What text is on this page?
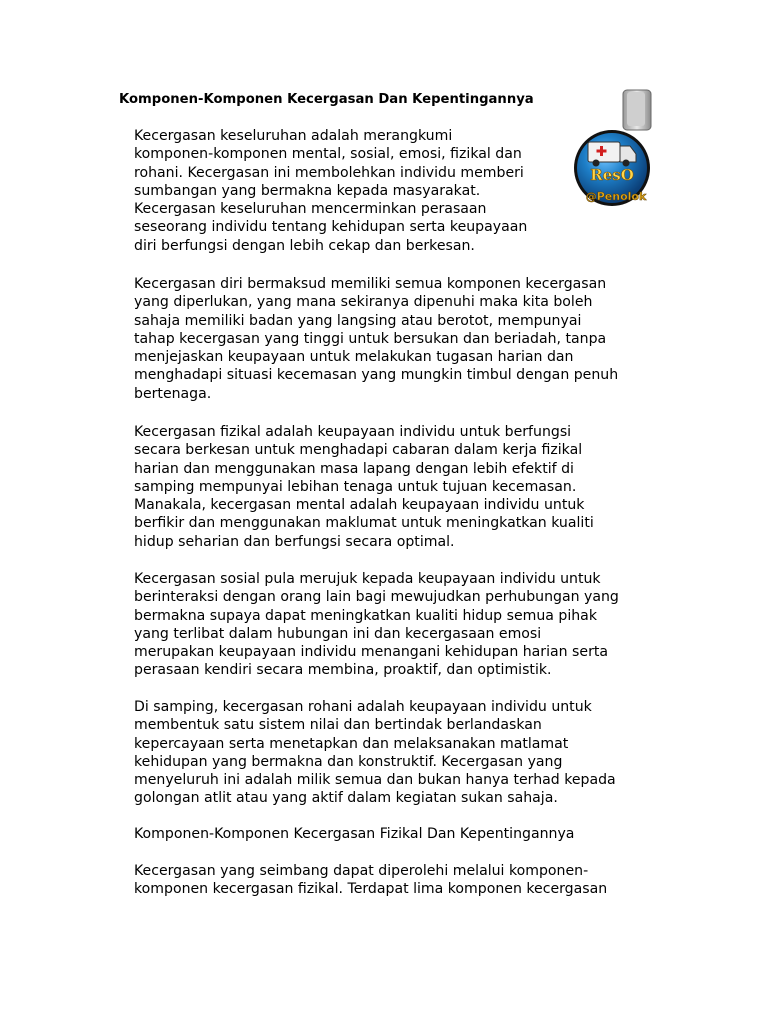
Komponen-Komponen Kecergasan Dan Kepentingannya
ResO
@Penolok

Kecergasan keseluruhan adalah merangkumi
komponen-komponen mental, sosial, emosi, fizikal dan
rohani. Kecergasan ini membolehkan individu memberi
sumbangan yang bermakna kepada masyarakat.
Kecergasan keseluruhan mencerminkan perasaan
seseorang individu tentang kehidupan serta keupayaan
diri berfungsi dengan lebih cekap dan berkesan.

Kecergasan diri bermaksud memiliki semua komponen kecergasan
yang diperlukan, yang mana sekiranya dipenuhi maka kita boleh
sahaja memiliki badan yang langsing atau berotot, mempunyai
tahap kecergasan yang tinggi untuk bersukan dan beriadah, tanpa
menjejaskan keupayaan untuk melakukan tugasan harian dan
menghadapi situasi kecemasan yang mungkin timbul dengan penuh
bertenaga.

Kecergasan fizikal adalah keupayaan individu untuk berfungsi
secara berkesan untuk menghadapi cabaran dalam kerja fizikal
harian dan menggunakan masa lapang dengan lebih efektif di
samping mempunyai lebihan tenaga untuk tujuan kecemasan.
Manakala, kecergasan mental adalah keupayaan individu untuk
berfikir dan menggunakan maklumat untuk meningkatkan kualiti
hidup seharian dan berfungsi secara optimal.

Kecergasan sosial pula merujuk kepada keupayaan individu untuk
berinteraksi dengan orang lain bagi mewujudkan perhubungan yang
bermakna supaya dapat meningkatkan kualiti hidup semua pihak
yang terlibat dalam hubungan ini dan kecergasaan emosi
merupakan keupayaan individu menangani kehidupan harian serta
perasaan kendiri secara membina, proaktif, dan optimistik.

Di samping, kecergasan rohani adalah keupayaan individu untuk
membentuk satu sistem nilai dan bertindak berlandaskan
kepercayaan serta menetapkan dan melaksanakan matlamat
kehidupan yang bermakna dan konstruktif. Kecergasan yang
menyeluruh ini adalah milik semua dan bukan hanya terhad kepada
golongan atlit atau yang aktif dalam kegiatan sukan sahaja.

Komponen-Komponen Kecergasan Fizikal Dan Kepentingannya

Kecergasan yang seimbang dapat diperolehi melalui komponen-
komponen kecergasan fizikal. Terdapat lima komponen kecergasan
